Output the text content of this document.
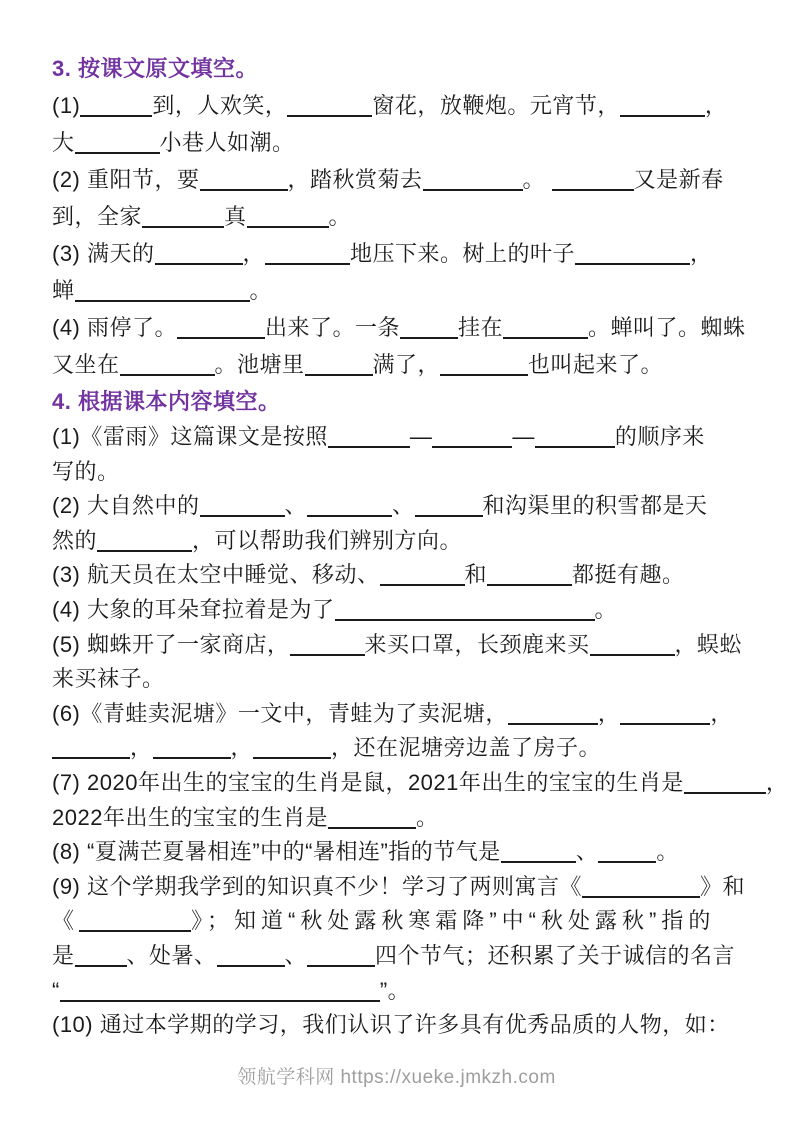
3. 按课文原文填空。
(1)	到，人欢笑，	窗花，放鞭炮。元宵节，	，
大	小巷人如潮。
(2) 重阳节，要	，踏秋赏菊去	。	又是新春
到，全家	真	。
(3) 满天的	，	地压下来。树上的叶子	，
蝉	。
(4) 雨停了。	出来了。一条	挂在	。蝉叫了。蜘蛛
又坐在	。池塘里	满了，	也叫起来了。
4. 根据课本内容填空。
(1)《雷雨》这篇课文是按照	—	—	的顺序来
写的。
(2) 大自然中的	、	、	和沟渠里的积雪都是天
然的	，可以帮助我们辨别方向。
(3) 航天员在太空中睡觉、移动、	和	都挺有趣。
(4) 大象的耳朵耷拉着是为了	。
(5) 蜘蛛开了一家商店，	来买口罩，长颈鹿来买	，蜈蚣
来买袜子。
(6)《青蛙卖泥塘》一文中，青蛙为了卖泥塘，	，	，
，	，	，还在泥塘旁边盖了房子。
(7) 2020年出生的宝宝的生肖是鼠，2021年出生的宝宝的生肖是	，
2022年出生的宝宝的生肖是	。
(8) “夏满芒夏暑相连”中的“暑相连”指的节气是	、	。
(9) 这个学期我学到的知识真不少！学习了两则寓言《	》和
《	》；知道“秋处露秋寒霜降”中“秋处露秋”指的
是 、处暑、	、	四个节气；还积累了关于诚信的名言
“	”。
(10) 通过本学期的学习，我们认识了许多具有优秀品质的人物，如：
领航学科网 https://xueke.jmkzh.com
